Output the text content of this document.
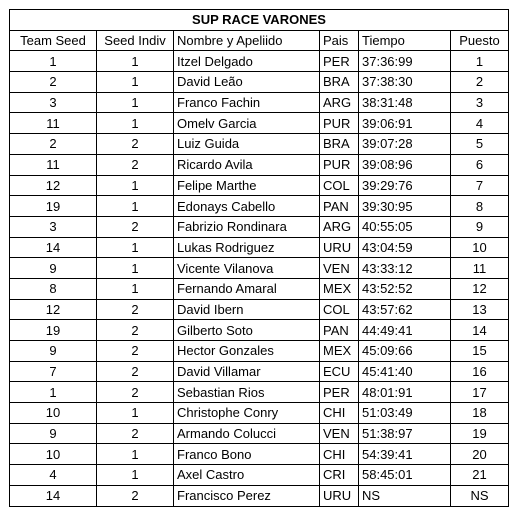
SUP RACE VARONES					
Team Seed	Seed Indiv	Nombre y Apeliido	Pais	Tiempo	Puesto
1	1	Itzel Delgado	PER	37:36:99	1
2	1	David Leão	BRA	37:38:30	2
3	1	Franco Fachin	ARG	38:31:48	3
11	1	Omelv Garcia	PUR	39:06:91	4
2	2	Luiz Guida	BRA	39:07:28	5
11	2	Ricardo Avila	PUR	39:08:96	6
12	1	Felipe Marthe	COL	39:29:76	7
19	1	Edonays Cabello	PAN	39:30:95	8
3	2	Fabrizio Rondinara	ARG	40:55:05	9
14	1	Lukas Rodriguez	URU	43:04:59	10
9	1	Vicente Vilanova	VEN	43:33:12	11
8	1	Fernando Amaral	MEX	43:52:52	12
12	2	David Ibern	COL	43:57:62	13
19	2	Gilberto Soto	PAN	44:49:41	14
9	2	Hector Gonzales	MEX	45:09:66	15
7	2	David Villamar	ECU	45:41:40	16
1	2	Sebastian Rios	PER	48:01:91	17
10	1	Christophe Conry	CHI	51:03:49	18
9	2	Armando Colucci	VEN	51:38:97	19
10	1	Franco Bono	CHI	54:39:41	20
4	1	Axel Castro	CRI	58:45:01	21
14	2	Francisco Perez	URU	NS	NS
